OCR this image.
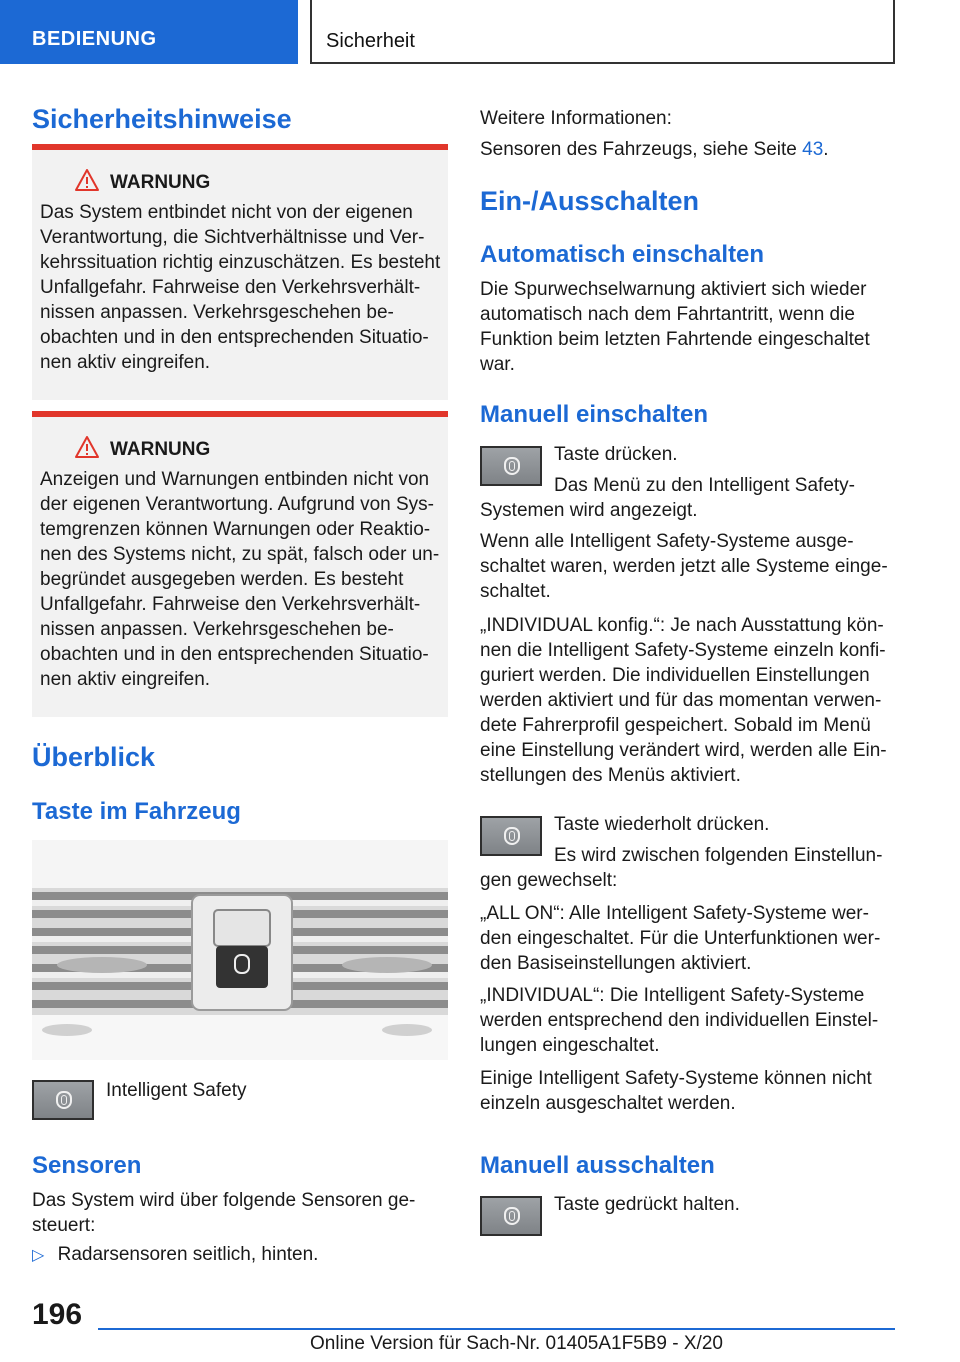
BEDIENUNG	Sicherheit
Sicherheitshinweise
WARNUNG
Das System entbindet nicht von der eigenen
Verantwortung, die Sichtverhältnisse und Ver‐
kehrssituation richtig einzuschätzen. Es besteht
Unfallgefahr. Fahrweise den Verkehrsverhält‐
nissen anpassen. Verkehrsgeschehen be‐
obachten und in den entsprechenden Situatio‐
nen aktiv eingreifen.
WARNUNG
Anzeigen und Warnungen entbinden nicht von
der eigenen Verantwortung. Aufgrund von Sys‐
temgrenzen können Warnungen oder Reaktio‐
nen des Systems nicht, zu spät, falsch oder un‐
begründet ausgegeben werden. Es besteht
Unfallgefahr. Fahrweise den Verkehrsverhält‐
nissen anpassen. Verkehrsgeschehen be‐
obachten und in den entsprechenden Situatio‐
nen aktiv eingreifen.
Überblick
Taste im Fahrzeug
Intelligent Safety
Sensoren
Das System wird über folgende Sensoren ge‐
steuert:
▷ Radarsensoren seitlich, hinten.
Weitere Informationen:
Sensoren des Fahrzeugs, siehe Seite 43.
Ein-/Ausschalten
Automatisch einschalten
Die Spurwechselwarnung aktiviert sich wieder
automatisch nach dem Fahrtantritt, wenn die
Funktion beim letzten Fahrtende eingeschaltet
war.
Manuell einschalten
Taste drücken.
Das Menü zu den Intelligent Safety-
Systemen wird angezeigt.
Wenn alle Intelligent Safety-Systeme ausge‐
schaltet waren, werden jetzt alle Systeme einge‐
schaltet.
„INDIVIDUAL konfig.“: Je nach Ausstattung kön‐
nen die Intelligent Safety-Systeme einzeln konfi‐
guriert werden. Die individuellen Einstellungen
werden aktiviert und für das momentan verwen‐
dete Fahrerprofil gespeichert. Sobald im Menü
eine Einstellung verändert wird, werden alle Ein‐
stellungen des Menüs aktiviert.
Taste wiederholt drücken.
Es wird zwischen folgenden Einstellun‐
gen gewechselt:
„ALL ON“: Alle Intelligent Safety-Systeme wer‐
den eingeschaltet. Für die Unterfunktionen wer‐
den Basiseinstellungen aktiviert.
„INDIVIDUAL“: Die Intelligent Safety-Systeme
werden entsprechend den individuellen Einstel‐
lungen eingeschaltet.
Einige Intelligent Safety-Systeme können nicht
einzeln ausgeschaltet werden.
Manuell ausschalten
Taste gedrückt halten.
196
Online Version für Sach-Nr. 01405A1F5B9 - X/20
